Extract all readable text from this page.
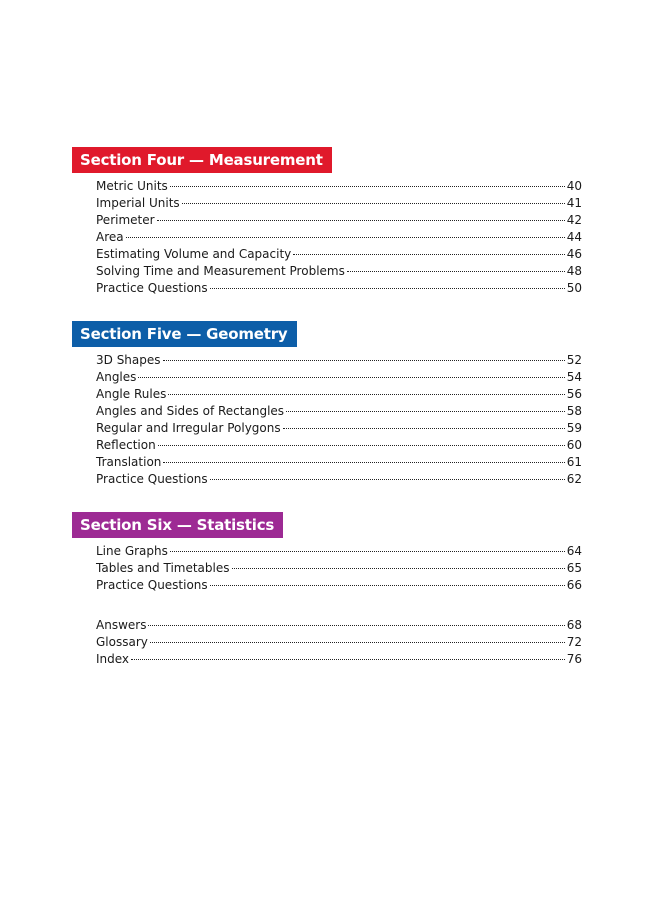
Section Four — Measurement
Metric Units	40
Imperial Units	41
Perimeter	42
Area	44
Estimating Volume and Capacity	46
Solving Time and Measurement Problems	48
Practice Questions	50
Section Five — Geometry
3D Shapes	52
Angles	54
Angle Rules	56
Angles and Sides of Rectangles	58
Regular and Irregular Polygons	59
Reflection	60
Translation	61
Practice Questions	62
Section Six — Statistics
Line Graphs	64
Tables and Timetables	65
Practice Questions	66
Answers	68
Glossary	72
Index	76
